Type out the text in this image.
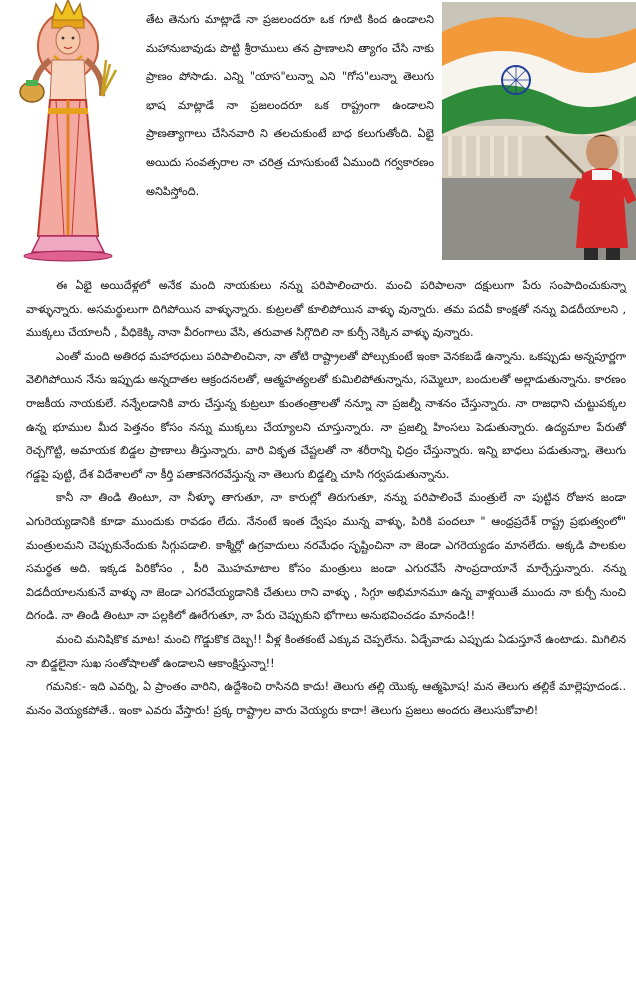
తేట తెనుగు మాట్లాడే నా ప్రజలందరూ ఒక గూటి కింద ఉండాలని మహానుబావుడు పొట్టి శ్రీరాములు తన ప్రాణాలని త్యాగం చేసి నాకు ప్రాణం పోసాడు. ఎన్ని "యాస"లున్నా ఎని "గోస"లున్నా తెలుగు భాష మాట్లాడే నా ప్రజలందరూ ఒక రాష్ట్రంగా ఉండాలని ప్రాణత్యాగాలు చేసినవారి ని తలచుకుంటే బాధ కలుగుతోంది. ఏభై అయిదు సంవత్సరాల నా చరిత్ర చూసుకుంటే ఏముంది గర్వకారణం అనిపిస్తోంది.

ఈ ఏభై అయిదేళ్లలో అనేక మంది నాయకులు నన్ను పరిపాలించారు. మంచి పరిపాలనా దక్షులుగా పేరు సంపాదించుకున్నా వాళ్ళున్నారు. అసమర్థులుగా దిగిపోయిన వాళ్ళున్నారు. కుట్రలతో కూలిపోయిన వాళ్ళు వున్నారు. తమ పదవీ కాంక్షతో నన్ను విడదీయాలని , ముక్కలు చేయాలనీ , వీధికెక్కి నానా వీరంగాలు వేసి, తరువాత సిగ్గొదిలి నా కుర్చీ నెక్కిన వాళ్ళు వున్నారు.

ఎంతో మంది అతిరధ మహారధులు పరిపాలించినా, నా తోటి రాష్ట్రాలతో పోల్చుకుంటే ఇంకా వెనకబడే ఉన్నాను. ఒకప్పుడు అన్నపూర్ణగా వెలిగిపోయిన నేను ఇప్పుడు అన్నదాతల ఆక్రందనలతో, ఆత్మహత్యలతో కుమిలిపోతున్నాను, సమ్మెలూ, బందులతో అల్లాడుతున్నాను. కారణం రాజకీయ నాయకులే. నన్నేలడానికి వారు చేస్తున్న కుట్రలూ కుంతంత్రాలతో నన్నూ నా ప్రజల్నీ నాశనం చేస్తున్నారు. నా రాజధాని చుట్టుపక్కల ఉన్న భూముల మీద పెత్తనం కోసం నన్ను ముక్కలు చేయ్యాలని చూస్తున్నారు. నా ప్రజల్ని హింసలు పెడుతున్నారు. ఉద్యమాల పేరుతో రెచ్చగొట్టి, అమాయక బిడ్డల ప్రాణాలు తీస్తున్నారు. వారి వికృత చేష్టలతో నా శరీరాన్ని ఛిద్రం చేస్తున్నారు. ఇన్ని బాధలు పడుతున్నా, తెలుగు గడ్డపై పుట్టి, దేశ విదేశాలలో నా కీర్తి పతాకనెగరవేస్తున్న నా తెలుగు బిడ్డల్ని చూసి గర్వపడుతున్నాను.

కానీ నా తిండి తింటూ, నా నీళ్ళూ తాగుతూ, నా కారుల్లో తిరుగుతూ, నన్ను పరిపాలించే మంత్రులే నా పుట్టిన రోజున జండా ఎగురెయ్యడానికి కూడా ముందుకు రావడం లేదు. నేనంటే ఇంత ద్వేషం మున్న వాళ్ళు, పిరికి పందలూ " ఆంధ్రప్రదేశ్ రాష్ట్ర ప్రభుత్వంలో" మంత్రులమని చెప్పుకునేందుకు సిగ్గుపడాలి. కాశ్మీర్లో ఉగ్రవాదులు నరమేధం సృష్టించినా నా జెండా ఎగరెయ్యడం మానలేదు. అక్కడి పాలకుల సమర్థత అది. ఇక్కడ పిరికోసం , పీరి మొహమాటాల కోసం మంత్రులు జండా ఎగురవేసే సాంప్రదాయానే మార్చేస్తున్నారు. నన్ను విడదీయాలనుకునే వాళ్ళు నా జెండా ఎగరవేయ్యడానికి చేతులు రాని వాళ్ళు , సిగ్గూ అభిమానమూ ఉన్న వాళ్లయితే ముందు నా కుర్చీ నుంచి దిగండి. నా తిండి తింటూ నా పల్లకిలో ఊరేగుతూ, నా పేరు చెప్పుకుని భోగాలు అనుభవించడం మానండి!!

మంచి మనిషికొక మాట! మంచి గొడ్డుకొక దెబ్బ!! వీళ్ల కింతకంటే ఎక్కువ చెప్పలేను. ఏడ్చేవాడు ఎప్పుడు ఏడుస్తూనే ఉంటాడు. మిగిలిన నా బిడ్డలైనా సుఖ సంతోషాలతో ఉండాలని ఆకాంక్షిస్తున్నా!!

గమనిక:- ఇది ఎవర్ని, ఏ ప్రాంతం వారిని, ఉద్దేశించి రాసినది కాదు! తెలుగు తల్లి యొక్క ఆత్మఘోష! మన తెలుగు తల్లికే మాల్లెపూదండ.. మనం వెయ్యకపోతే.. ఇంకా ఎవరు వేస్తారు! ప్రక్క రాష్ట్రాల వారు వెయ్యరు కాదా! తెలుగు ప్రజలు అందరు తెలుసుకోవాలి!
